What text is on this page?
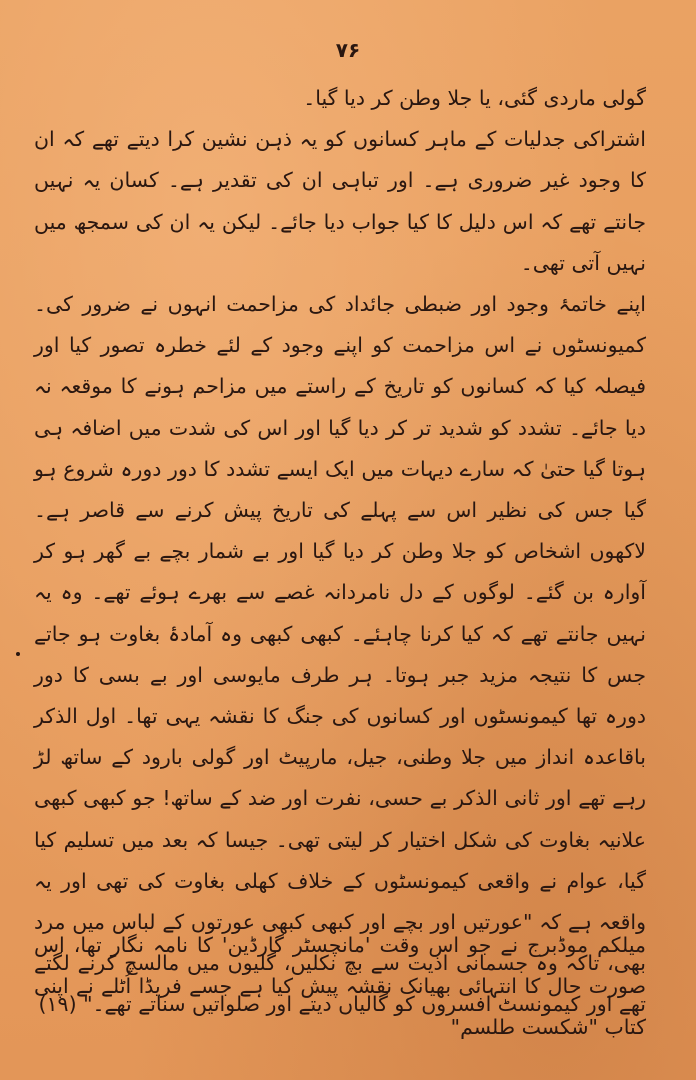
۷۶

گولی ماردی گئی، یا جلا وطن کر دیا گیا۔

اشتراکی جدلیات کے ماہر کسانوں کو یہ ذہن نشین کرا دیتے تھے کہ ان کا وجود غیر ضروری ہے۔ اور تباہی ان کی تقدیر ہے۔ کسان یہ نہیں جانتے تھے کہ اس دلیل کا کیا جواب دیا جائے۔ لیکن یہ ان کی سمجھ میں نہیں آتی تھی۔

اپنے خاتمۂ وجود اور ضبطی جائداد کی مزاحمت انہوں نے ضرور کی۔ کمیونسٹوں نے اس مزاحمت کو اپنے وجود کے لئے خطرہ تصور کیا اور فیصلہ کیا کہ کسانوں کو تاریخ کے راستے میں مزاحم ہونے کا موقعہ نہ دیا جائے۔ تشدد کو شدید تر کر دیا گیا اور اس کی شدت میں اضافہ ہی ہوتا گیا حتیٰ کہ سارے دیہات میں ایک ایسے تشدد کا دور دورہ شروع ہو گیا جس کی نظیر اس سے پہلے کی تاریخ پیش کرنے سے قاصر ہے۔ لاکھوں اشخاص کو جلا وطن کر دیا گیا اور بے شمار بچے بے گھر ہو کر آوارہ بن گئے۔ لوگوں کے دل نامردانہ غصے سے بھرے ہوئے تھے۔ وہ یہ نہیں جانتے تھے کہ کیا کرنا چاہئے۔ کبھی کبھی وہ آمادۂ بغاوت ہو جاتے جس کا نتیجہ مزید جبر ہوتا۔ ہر طرف مایوسی اور بے بسی کا دور دورہ تھا کیمونسٹوں اور کسانوں کی جنگ کا نقشہ یہی تھا۔ اول الذکر باقاعدہ انداز میں جلا وطنی، جیل، مارپیٹ اور گولی بارود کے ساتھ لڑ رہے تھے اور ثانی الذکر بے حسی، نفرت اور ضد کے ساتھ! جو کبھی کبھی علانیہ بغاوت کی شکل اختیار کر لیتی تھی۔ جیسا کہ بعد میں تسلیم کیا گیا، عوام نے واقعی کیمونسٹوں کے خلاف کھلی بغاوت کی تھی اور یہ واقعہ ہے کہ "عورتیں اور بچے اور کبھی کبھی عورتوں کے لباس میں مرد بھی، تاکہ وہ جسمانی اذیت سے بچ نکلیں، گلیوں میں مالسچ کرنے لگتے تھے اور کیمونسٹ افسروں کو گالیاں دیتے اور صلواتیں سناتے تھے۔" (۱۹)

میلکم موڈبرج نے جو اس وقت 'مانچسٹر گارڈین' کا نامہ نگار تھا، اس صورت حال کا انتہائی بھیانک نقشہ پیش کیا ہے جسے فریڈا اُٹلے نے اپنی کتاب "شکست طلسم"
